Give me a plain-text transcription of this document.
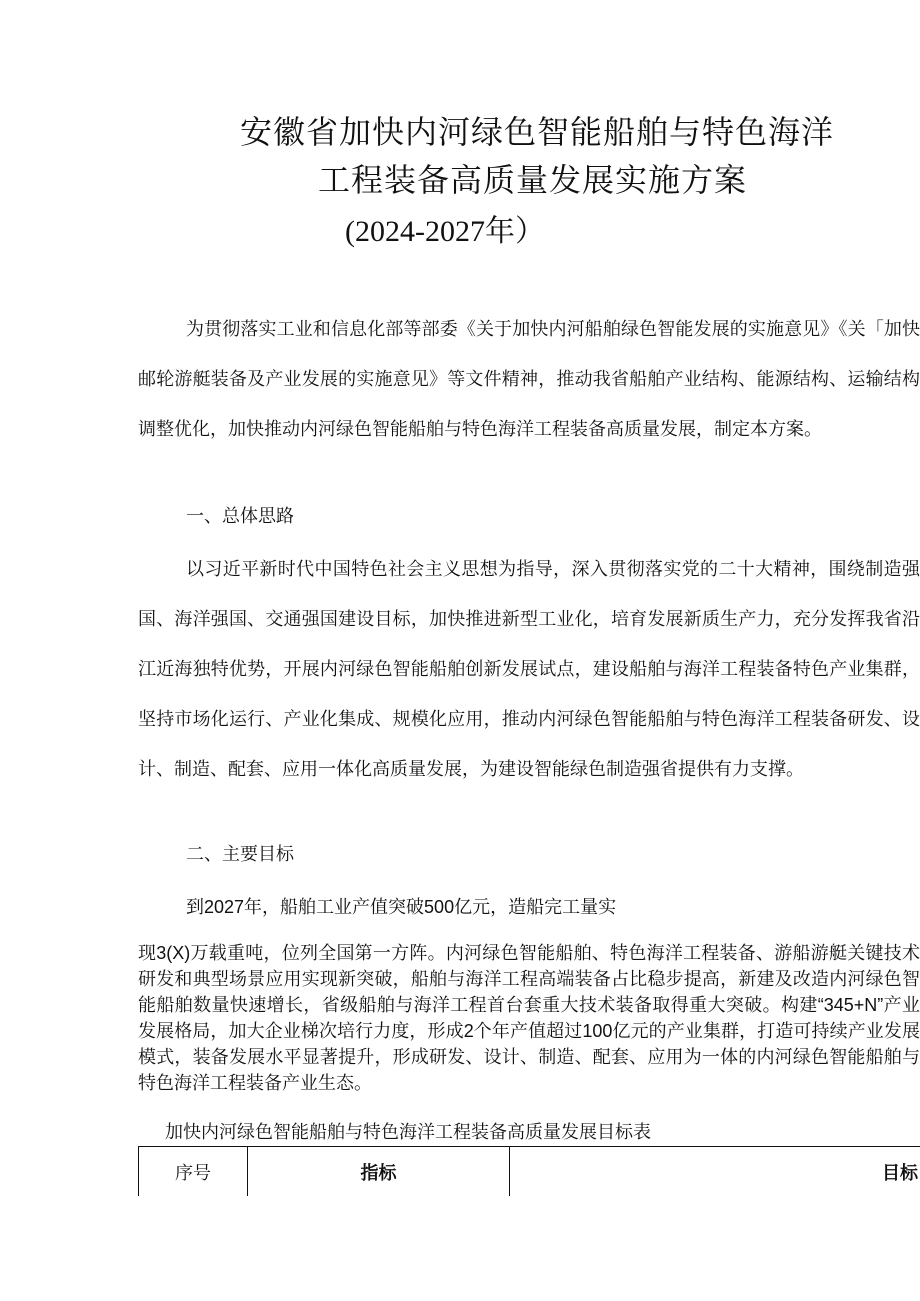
安徽省加快内河绿色智能船舶与特色海洋
工程装备高质量发展实施方案
(2024-2027年）

为贯彻落实工业和信息化部等部委《关于加快内河船舶绿色智能发展的实施意见》《关「加快邮轮游艇装备及产业发展的实施意见》等文件精神，推动我省船舶产业结构、能源结构、运输结构调整优化，加快推动内河绿色智能船舶与特色海洋工程装备高质量发展，制定本方案。

一、总体思路

以习近平新时代中国特色社会主义思想为指导，深入贯彻落实党的二十大精神，围绕制造强国、海洋强国、交通强国建设目标，加快推进新型工业化，培育发展新质生产力，充分发挥我省沿江近海独特优势，开展内河绿色智能船舶创新发展试点，建设船舶与海洋工程装备特色产业集群，坚持市场化运行、产业化集成、规模化应用，推动内河绿色智能船舶与特色海洋工程装备研发、设计、制造、配套、应用一体化高质量发展，为建设智能绿色制造强省提供有力支撑。

二、主要目标
到2027年，船舶工业产值突破500亿元，造船完工量实

现3(X)万载重吨，位列全国第一方阵。内河绿色智能船舶、特色海洋工程装备、游船游艇关键技术研发和典型场景应用实现新突破，船舶与海洋工程高端装备占比稳步提高，新建及改造内河绿色智能船舶数量快速增长，省级船舶与海洋工程首台套重大技术装备取得重大突破。构建“345+N”产业发展格局，加大企业梯次培行力度，形成2个年产值超过100亿元的产业集群，打造可持续产业发展模式，装备发展水平显著提升，形成研发、设计、制造、配套、应用为一体的内河绿色智能船舶与特色海洋工程装备产业生态。

加快内河绿色智能船舶与特色海洋工程装备高质量发展目标表
序号	指标	目标
